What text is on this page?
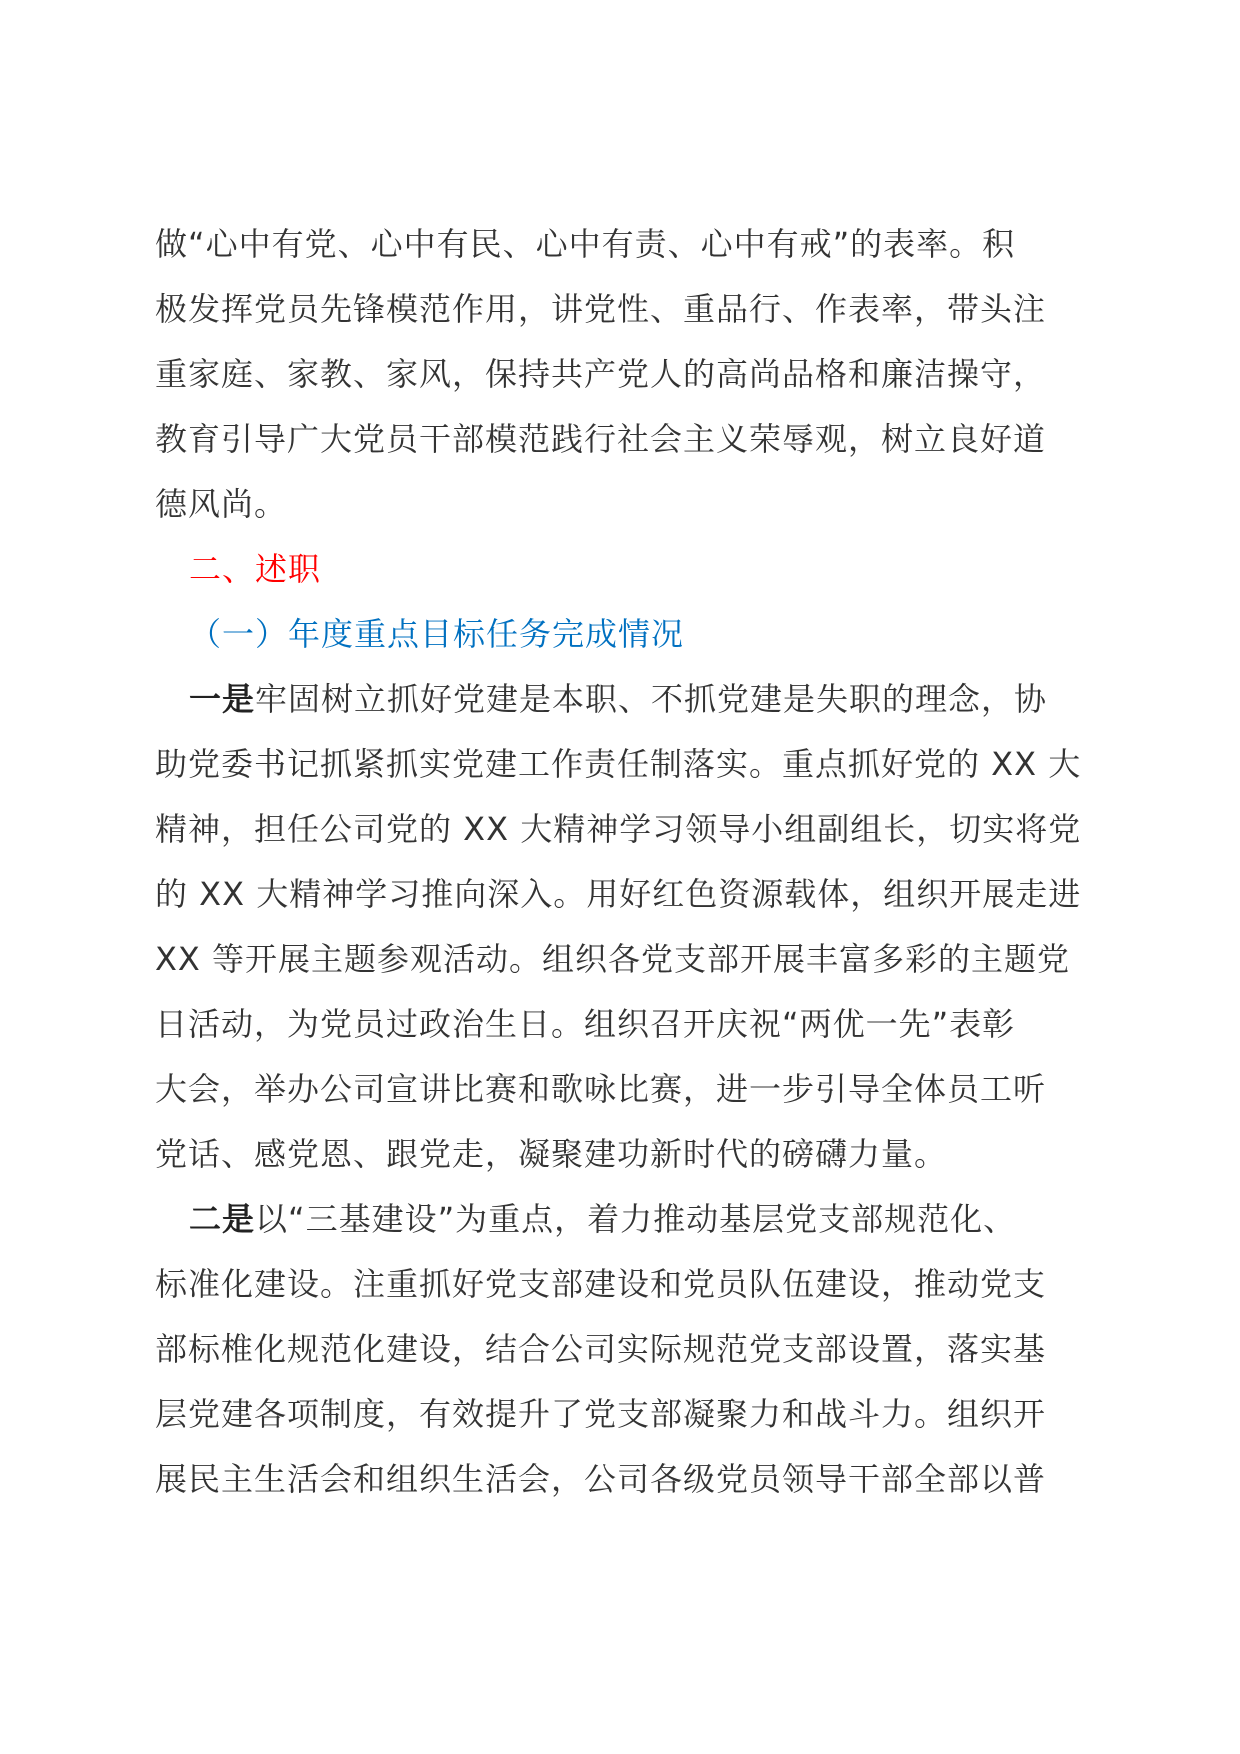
做“心中有党、心中有民、心中有责、心中有戒”的表率。积
极发挥党员先锋模范作用，讲党性、重品行、作表率，带头注
重家庭、家教、家风，保持共产党人的高尚品格和廉洁操守，
教育引导广大党员干部模范践行社会主义荣辱观，树立良好道
德风尚。
二、述职
（一）年度重点目标任务完成情况
一是牢固树立抓好党建是本职、不抓党建是失职的理念，协
助党委书记抓紧抓实党建工作责任制落实。重点抓好党的 XX 大
精神，担任公司党的 XX 大精神学习领导小组副组长，切实将党
的 XX 大精神学习推向深入。用好红色资源载体，组织开展走进
XX 等开展主题参观活动。组织各党支部开展丰富多彩的主题党
日活动，为党员过政治生日。组织召开庆祝“两优一先”表彰
大会，举办公司宣讲比赛和歌咏比赛，进一步引导全体员工听
党话、感党恩、跟党走，凝聚建功新时代的磅礴力量。
二是以“三基建设”为重点，着力推动基层党支部规范化、
标准化建设。注重抓好党支部建设和党员队伍建设，推动党支
部标椎化规范化建设，结合公司实际规范党支部设置，落实基
层党建各项制度，有效提升了党支部凝聚力和战斗力。组织开
展民主生活会和组织生活会，公司各级党员领导干部全部以普
